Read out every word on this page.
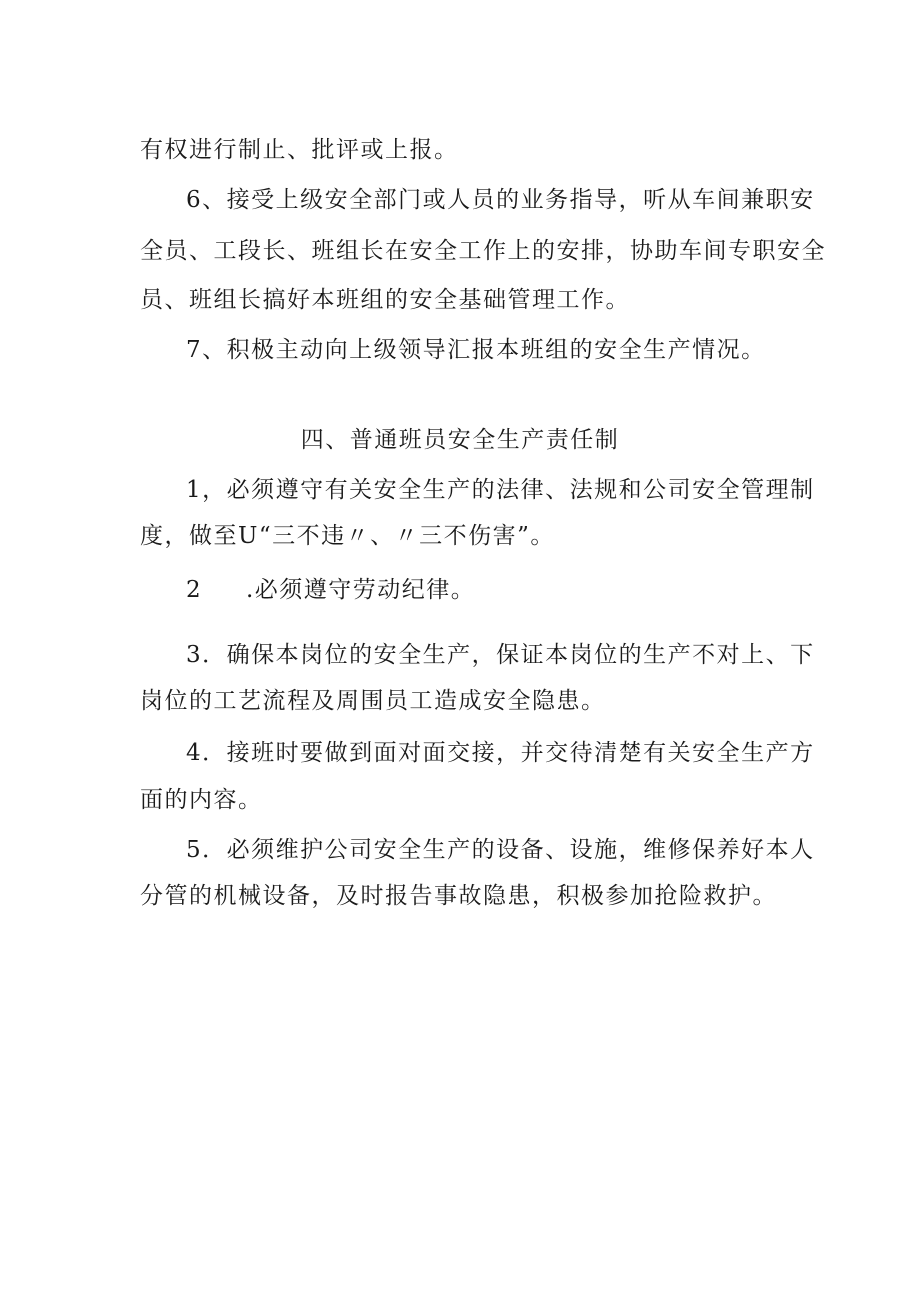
有权进行制止、批评或上报。
6、接受上级安全部门或人员的业务指导，听从车间兼职安
全员、工段长、班组长在安全工作上的安排，协助车间专职安全
员、班组长搞好本班组的安全基础管理工作。
7、积极主动向上级领导汇报本班组的安全生产情况。
四、普通班员安全生产责任制
1，必须遵守有关安全生产的法律、法规和公司安全管理制
度，做至U“三不违〃、〃三不伤害”。
2 .必须遵守劳动纪律。
3．确保本岗位的安全生产，保证本岗位的生产不对上、下
岗位的工艺流程及周围员工造成安全隐患。
4．接班时要做到面对面交接，并交待清楚有关安全生产方
面的内容。
5．必须维护公司安全生产的设备、设施，维修保养好本人
分管的机械设备，及时报告事故隐患，积极参加抢险救护。
